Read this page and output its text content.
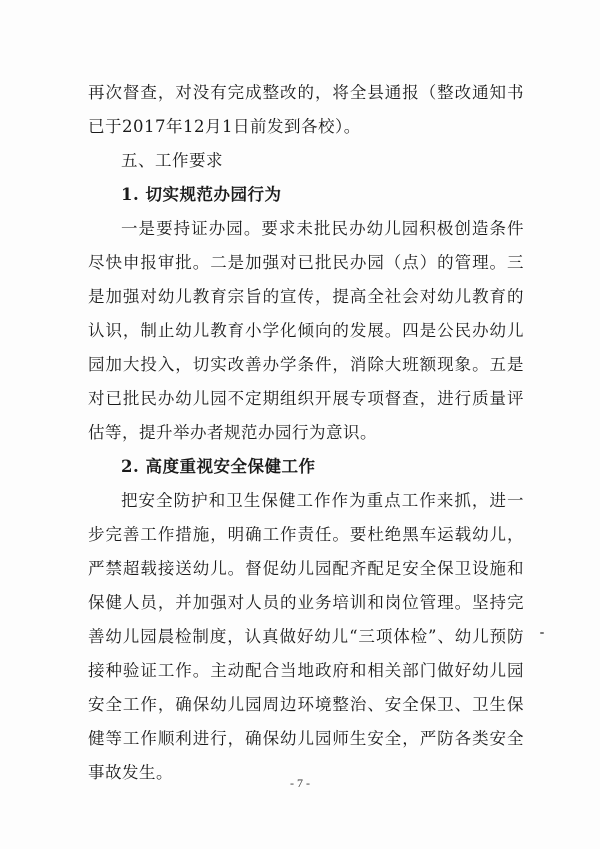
再次督查，对没有完成整改的，将全县通报（整改通知书已于2017年12月1日前发到各校）。

五、工作要求

1. 切实规范办园行为

一是要持证办园。要求未批民办幼儿园积极创造条件尽快申报审批。二是加强对已批民办园（点）的管理。三是加强对幼儿教育宗旨的宣传，提高全社会对幼儿教育的认识，制止幼儿教育小学化倾向的发展。四是公民办幼儿园加大投入，切实改善办学条件，消除大班额现象。五是对已批民办幼儿园不定期组织开展专项督查，进行质量评估等，提升举办者规范办园行为意识。

2. 高度重视安全保健工作

把安全防护和卫生保健工作作为重点工作来抓，进一步完善工作措施，明确工作责任。要杜绝黑车运载幼儿，严禁超载接送幼儿。督促幼儿园配齐配足安全保卫设施和保健人员，并加强对人员的业务培训和岗位管理。坚持完善幼儿园晨检制度，认真做好幼儿“三项体检”、幼儿预防接种验证工作。主动配合当地政府和相关部门做好幼儿园安全工作，确保幼儿园周边环境整治、安全保卫、卫生保健等工作顺利进行，确保幼儿园师生安全，严防各类安全事故发生。

- 7 -
